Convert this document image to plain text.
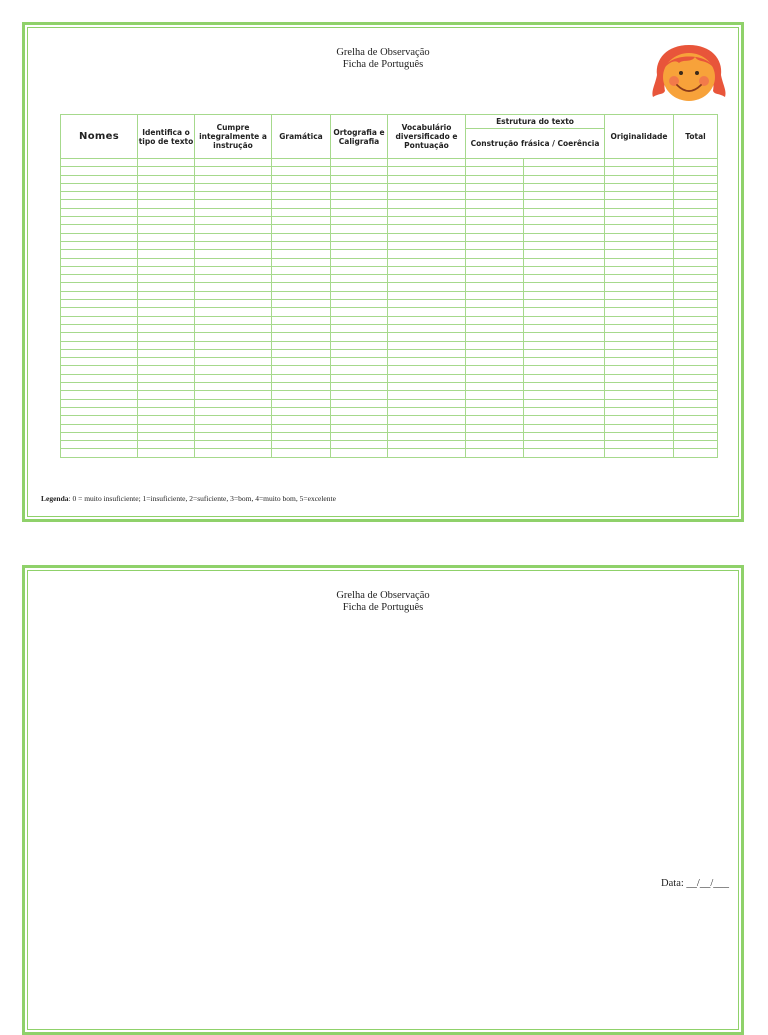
Grelha de Observação
Ficha de Português
Nomes	Identifica o tipo de texto	Cumpre integralmente a instrução	Gramática	Ortografia e Caligrafia	Vocabulário diversificado e Pontuação	Estrutura do texto		Originalidade	Total
						Construção frásica / Coerência			

Legenda: 0 = muito insuficiente; 1=insuficiente, 2=suficiente, 3=bom, 4=muito bom, 5=excelente
Grelha de Observação
Ficha de Português
Data: __/__/___
